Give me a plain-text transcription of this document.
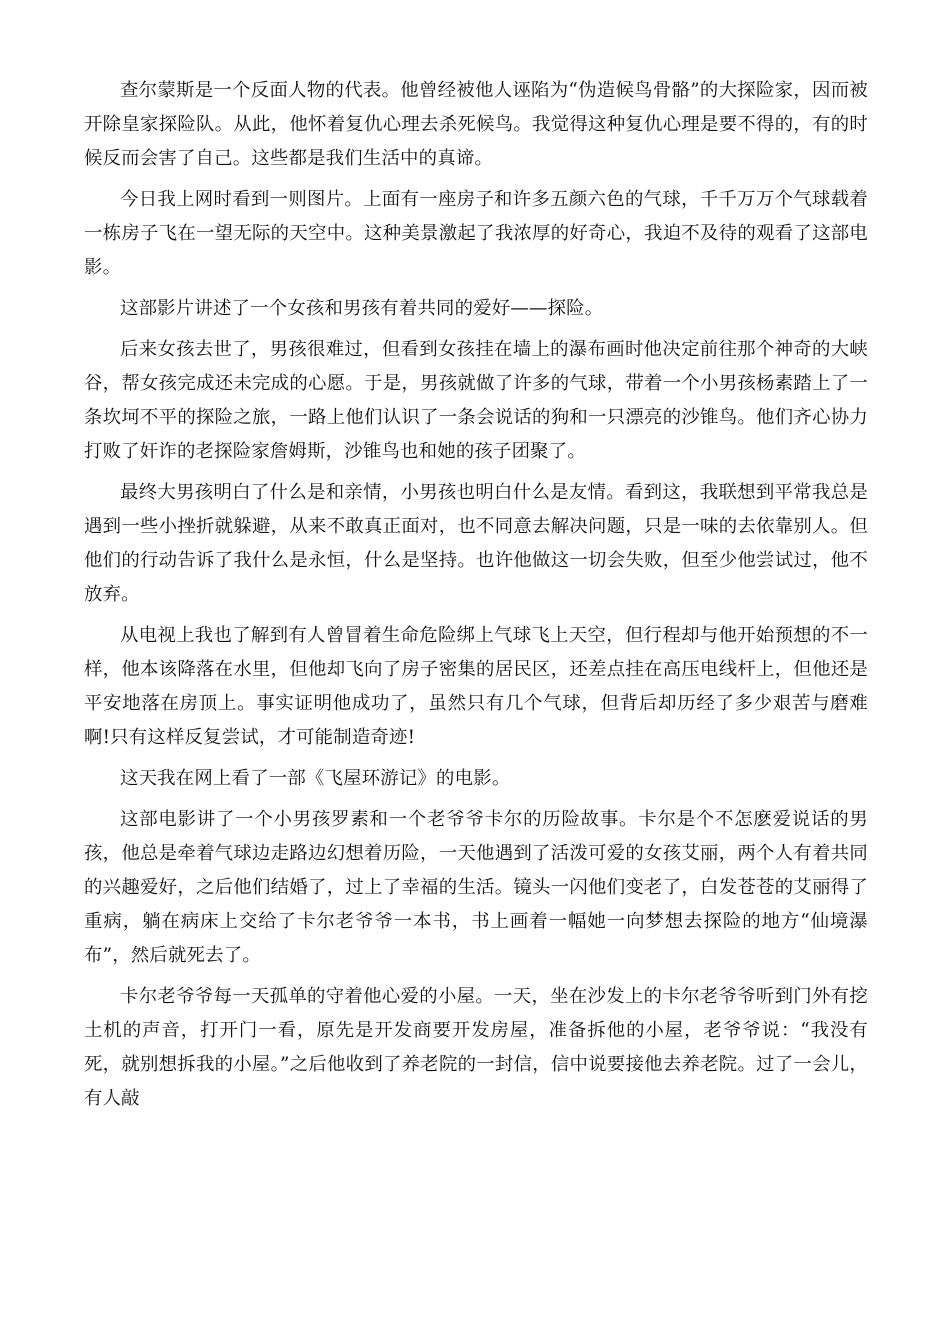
查尔蒙斯是一个反面人物的代表。他曾经被他人诬陷为“伪造候鸟骨骼”的大探险家，因而被开除皇家探险队。从此，他怀着复仇心理去杀死候鸟。我觉得这种复仇心理是要不得的，有的时候反而会害了自己。这些都是我们生活中的真谛。

今日我上网时看到一则图片。上面有一座房子和许多五颜六色的气球，千千万万个气球载着一栋房子飞在一望无际的天空中。这种美景激起了我浓厚的好奇心，我迫不及待的观看了这部电影。

这部影片讲述了一个女孩和男孩有着共同的爱好——探险。

后来女孩去世了，男孩很难过，但看到女孩挂在墙上的瀑布画时他决定前往那个神奇的大峡谷，帮女孩完成还未完成的心愿。于是，男孩就做了许多的气球，带着一个小男孩杨素踏上了一条坎坷不平的探险之旅，一路上他们认识了一条会说话的狗和一只漂亮的沙锥鸟。他们齐心协力打败了奸诈的老探险家詹姆斯，沙锥鸟也和她的孩子团聚了。

最终大男孩明白了什么是和亲情，小男孩也明白什么是友情。看到这，我联想到平常我总是遇到一些小挫折就躲避，从来不敢真正面对，也不同意去解决问题，只是一味的去依靠别人。但他们的行动告诉了我什么是永恒，什么是坚持。也许他做这一切会失败，但至少他尝试过，他不放弃。

从电视上我也了解到有人曾冒着生命危险绑上气球飞上天空，但行程却与他开始预想的不一样，他本该降落在水里，但他却飞向了房子密集的居民区，还差点挂在高压电线杆上，但他还是平安地落在房顶上。事实证明他成功了，虽然只有几个气球，但背后却历经了多少艰苦与磨难啊!只有这样反复尝试，才可能制造奇迹!

这天我在网上看了一部《飞屋环游记》的电影。

这部电影讲了一个小男孩罗素和一个老爷爷卡尔的历险故事。卡尔是个不怎麽爱说话的男孩，他总是牵着气球边走路边幻想着历险，一天他遇到了活泼可爱的女孩艾丽，两个人有着共同的兴趣爱好，之后他们结婚了，过上了幸福的生活。镜头一闪他们变老了，白发苍苍的艾丽得了重病，躺在病床上交给了卡尔老爷爷一本书，书上画着一幅她一向梦想去探险的地方“仙境瀑布”，然后就死去了。

卡尔老爷爷每一天孤单的守着他心爱的小屋。一天，坐在沙发上的卡尔老爷爷听到门外有挖土机的声音，打开门一看，原先是开发商要开发房屋，准备拆他的小屋，老爷爷说：“我没有死，就别想拆我的小屋。”之后他收到了养老院的一封信，信中说要接他去养老院。过了一会儿，有人敲
